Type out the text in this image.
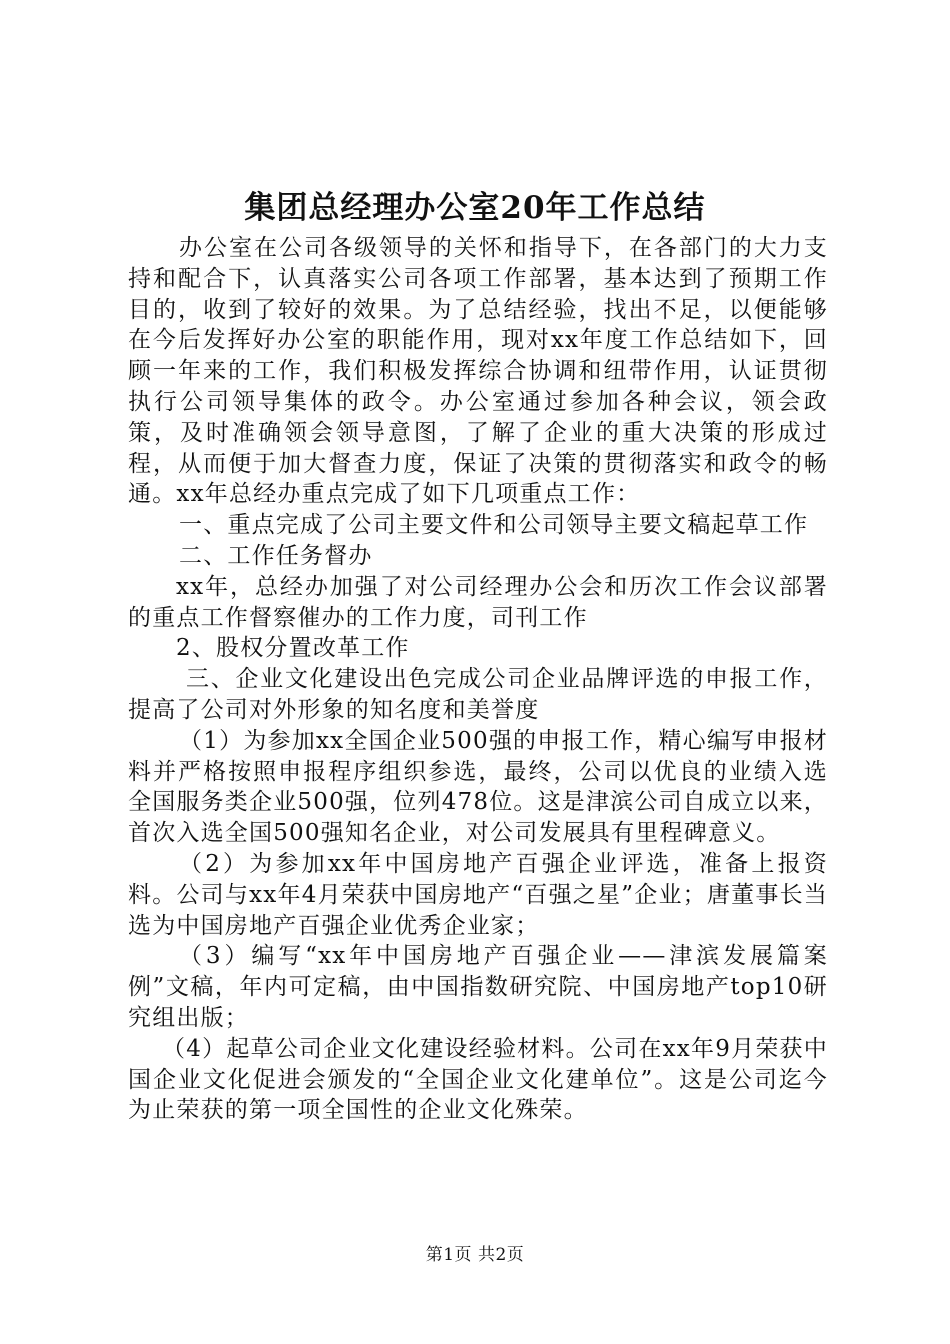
集团总经理办公室20年工作总结

办公室在公司各级领导的关怀和指导下，在各部门的大力支持和配合下，认真落实公司各项工作部署，基本达到了预期工作目的，收到了较好的效果。为了总结经验，找出不足，以便能够在今后发挥好办公室的职能作用，现对xx年度工作总结如下，回顾一年来的工作，我们积极发挥综合协调和纽带作用，认证贯彻执行公司领导集体的政令。办公室通过参加各种会议，领会政策，及时准确领会领导意图，了解了企业的重大决策的形成过程，从而便于加大督查力度，保证了决策的贯彻落实和政令的畅通。xx年总经办重点完成了如下几项重点工作：

一、重点完成了公司主要文件和公司领导主要文稿起草工作

二、工作任务督办

xx年，总经办加强了对公司经理办公会和历次工作会议部署的重点工作督察催办的工作力度，司刊工作

2、股权分置改革工作

三、企业文化建设出色完成公司企业品牌评选的申报工作，提高了公司对外形象的知名度和美誉度

（1）为参加xx全国企业500强的申报工作，精心编写申报材料并严格按照申报程序组织参选，最终，公司以优良的业绩入选全国服务类企业500强，位列478位。这是津滨公司自成立以来，首次入选全国500强知名企业，对公司发展具有里程碑意义。

（2）为参加xx年中国房地产百强企业评选，准备上报资料。公司与xx年4月荣获中国房地产“百强之星”企业；唐董事长当选为中国房地产百强企业优秀企业家；

（3）编写“xx年中国房地产百强企业——津滨发展篇案例”文稿，年内可定稿，由中国指数研究院、中国房地产top10研究组出版；

（4）起草公司企业文化建设经验材料。公司在xx年9月荣获中国企业文化促进会颁发的“全国企业文化建单位”。这是公司迄今为止荣获的第一项全国性的企业文化殊荣。

第1页 共2页
